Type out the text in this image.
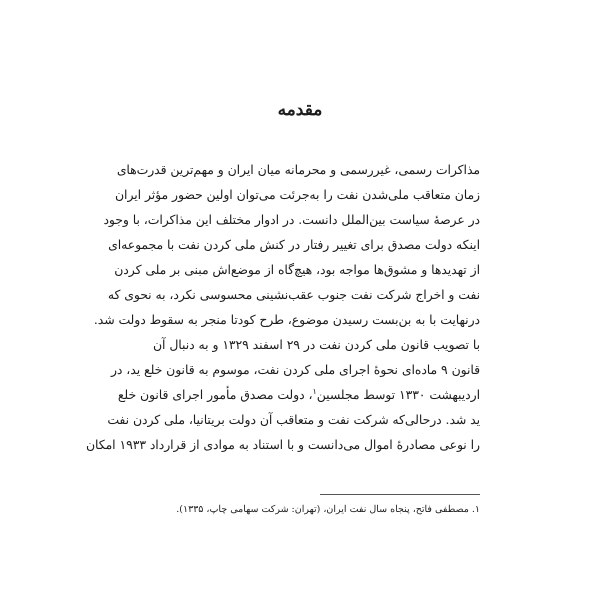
مقدمه
مذاکرات رسمی، غیررسمی و محرمانه میان ایران و مهم‌ترین قدرت‌های
زمان متعاقب ملی‌شدن نفت را به‌جرئت می‌توان اولین حضور مؤثر ایران
در عرصهٔ سیاست بین‌الملل دانست. در ادوار مختلف این مذاکرات، با وجود
اینکه دولت مصدق برای تغییر رفتار در کنش ملی کردن نفت با مجموعه‌ای
از تهدیدها و مشوق‌ها مواجه بود، هیچ‌گاه از موضع‌اش مبنی بر ملی کردن
نفت و اخراج شرکت نفت جنوب عقب‌نشینی محسوسی نکرد، به نحوی که
درنهایت با به بن‌بست رسیدن موضوع، طرح کودتا منجر به سقوط دولت شد.
با تصویب قانون ملی کردن نفت در ۲۹ اسفند ۱۳۲۹ و به دنبال آن
قانون ۹ ماده‌ای نحوهٔ اجرای ملی کردن نفت، موسوم به قانون خلع ید، در
اردیبهشت ۱۳۳۰ توسط مجلسین$^۱$، دولت مصدق مأمور اجرای قانون خلع
ید شد. درحالی‌که شرکت نفت و متعاقب آن دولت بریتانیا، ملی کردن نفت
را نوعی مصادرهٔ اموال می‌دانست و با استناد به موادی از قرارداد ۱۹۳۳ امکان
۱. مصطفی فاتح، پنجاه سال نفت ایران، (تهران: شرکت سهامی چاپ، ۱۳۳۵).
